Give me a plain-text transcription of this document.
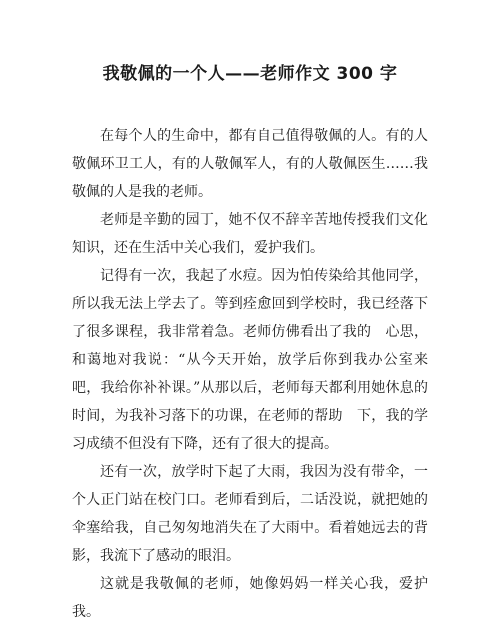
我敬佩的一个人——老师作文 300 字

在每个人的生命中，都有自己值得敬佩的人。有的人敬佩环卫工人，有的人敬佩军人，有的人敬佩医生……我敬佩的人是我的老师。

老师是辛勤的园丁，她不仅不辞辛苦地传授我们文化知识，还在生活中关心我们，爱护我们。

记得有一次，我起了水痘。因为怕传染给其他同学，所以我无法上学去了。等到痊愈回到学校时，我已经落下了很多课程，我非常着急。老师仿佛看出了我的　心思，和蔼地对我说：“从今天开始，放学后你到我办公室来吧，我给你补补课。”从那以后，老师每天都利用她休息的时间，为我补习落下的功课，在老师的帮助　下，我的学习成绩不但没有下降，还有了很大的提高。

还有一次，放学时下起了大雨，我因为没有带伞，一个人正门站在校门口。老师看到后，二话没说，就把她的伞塞给我，自己匆匆地消失在了大雨中。看着她远去的背影，我流下了感动的眼泪。

这就是我敬佩的老师，她像妈妈一样关心我，爱护我。
